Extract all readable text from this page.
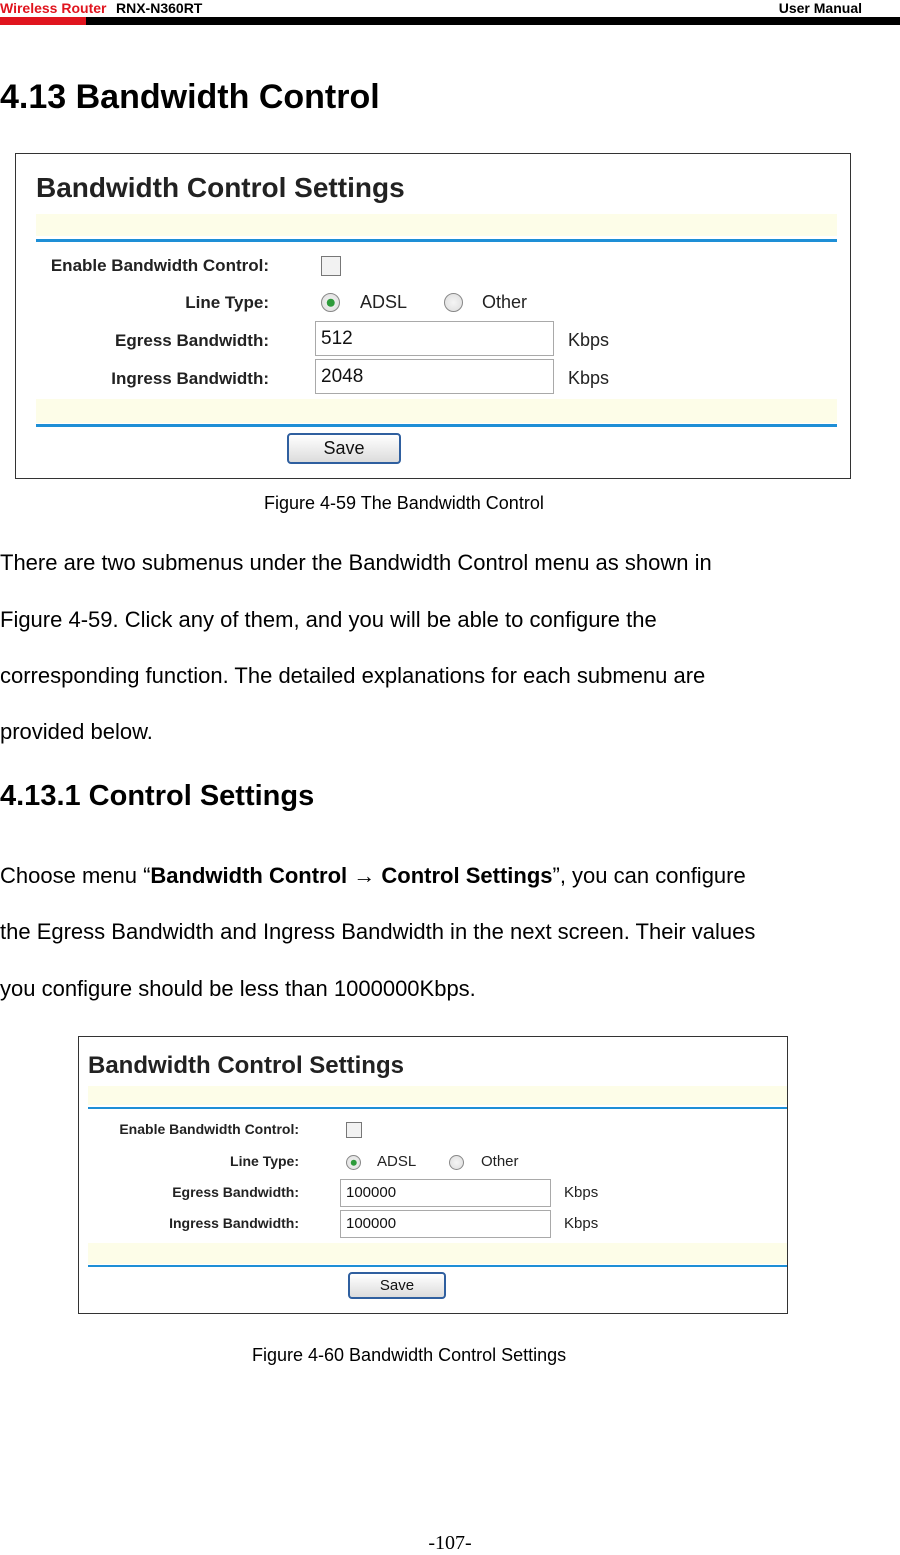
Wireless Router RNX-N360RT	User Manual
4.13 Bandwidth Control
Bandwidth Control Settings
Enable Bandwidth Control:
Line Type:	ADSL	Other
Egress Bandwidth:	512	Kbps
Ingress Bandwidth:	2048	Kbps
Save
Figure 4-59 The Bandwidth Control
There are two submenus under the Bandwidth Control menu as shown in
Figure 4-59. Click any of them, and you will be able to configure the
corresponding function. The detailed explanations for each submenu are
provided below.
4.13.1 Control Settings
Choose menu “Bandwidth Control → Control Settings”, you can configure
the Egress Bandwidth and Ingress Bandwidth in the next screen. Their values
you configure should be less than 1000000Kbps.
Bandwidth Control Settings
Enable Bandwidth Control:
Line Type:	ADSL	Other
Egress Bandwidth:	100000	Kbps
Ingress Bandwidth:	100000	Kbps
Save
Figure 4-60 Bandwidth Control Settings
-107-
